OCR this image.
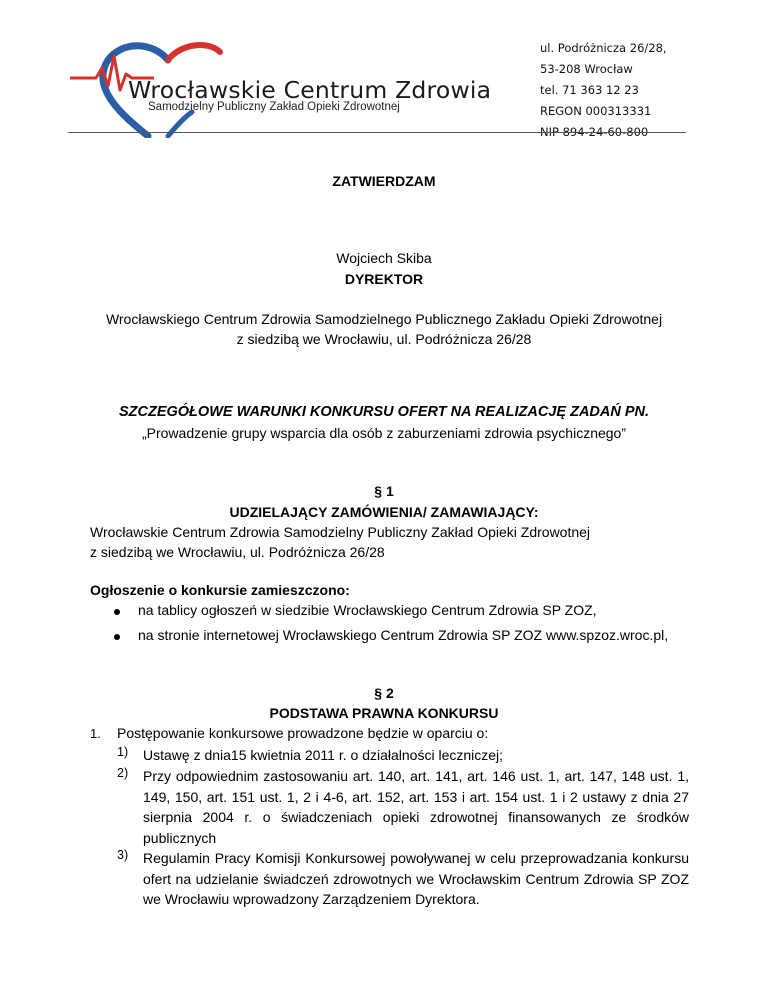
Wrocławskie Centrum Zdrowia
Samodzielny Publiczny Zakład Opieki Zdrowotnej
ul. Podróżnicza 26/28,
53-208 Wrocław
tel. 71 363 12 23
REGON 000313331
NIP 894-24-60-800
ZATWIERDZAM
Wojciech Skiba
DYREKTOR
Wrocławskiego Centrum Zdrowia Samodzielnego Publicznego Zakładu Opieki Zdrowotnej
z siedzibą we Wrocławiu, ul. Podróżnicza 26/28
SZCZEGÓŁOWE WARUNKI KONKURSU OFERT NA REALIZACJĘ ZADAŃ PN.
„Prowadzenie grupy wsparcia dla osób z zaburzeniami zdrowia psychicznego”
§ 1
UDZIELAJĄCY ZAMÓWIENIA/ ZAMAWIAJĄCY:
Wrocławskie Centrum Zdrowia Samodzielny Publiczny Zakład Opieki Zdrowotnej
z siedzibą we Wrocławiu, ul. Podróżnicza 26/28
Ogłoszenie o konkursie zamieszczono:
na tablicy ogłoszeń w siedzibie Wrocławskiego Centrum Zdrowia SP ZOZ,
na stronie internetowej Wrocławskiego Centrum Zdrowia SP ZOZ www.spzoz.wroc.pl,
§ 2
PODSTAWA PRAWNA KONKURSU
1. Postępowanie konkursowe prowadzone będzie w oparciu o:
1) Ustawę z dnia15 kwietnia 2011 r. o działalności leczniczej;
2) Przy odpowiednim zastosowaniu art. 140, art. 141, art. 146 ust. 1, art. 147, 148 ust. 1, 149, 150, art. 151 ust. 1, 2 i 4-6, art. 152, art. 153 i art. 154 ust. 1 i 2 ustawy z dnia 27 sierpnia 2004 r. o świadczeniach opieki zdrowotnej finansowanych ze środków publicznych
3) Regulamin Pracy Komisji Konkursowej powoływanej w celu przeprowadzania konkursu ofert na udzielanie świadczeń zdrowotnych we Wrocławskim Centrum Zdrowia SP ZOZ we Wrocławiu wprowadzony Zarządzeniem Dyrektora.
